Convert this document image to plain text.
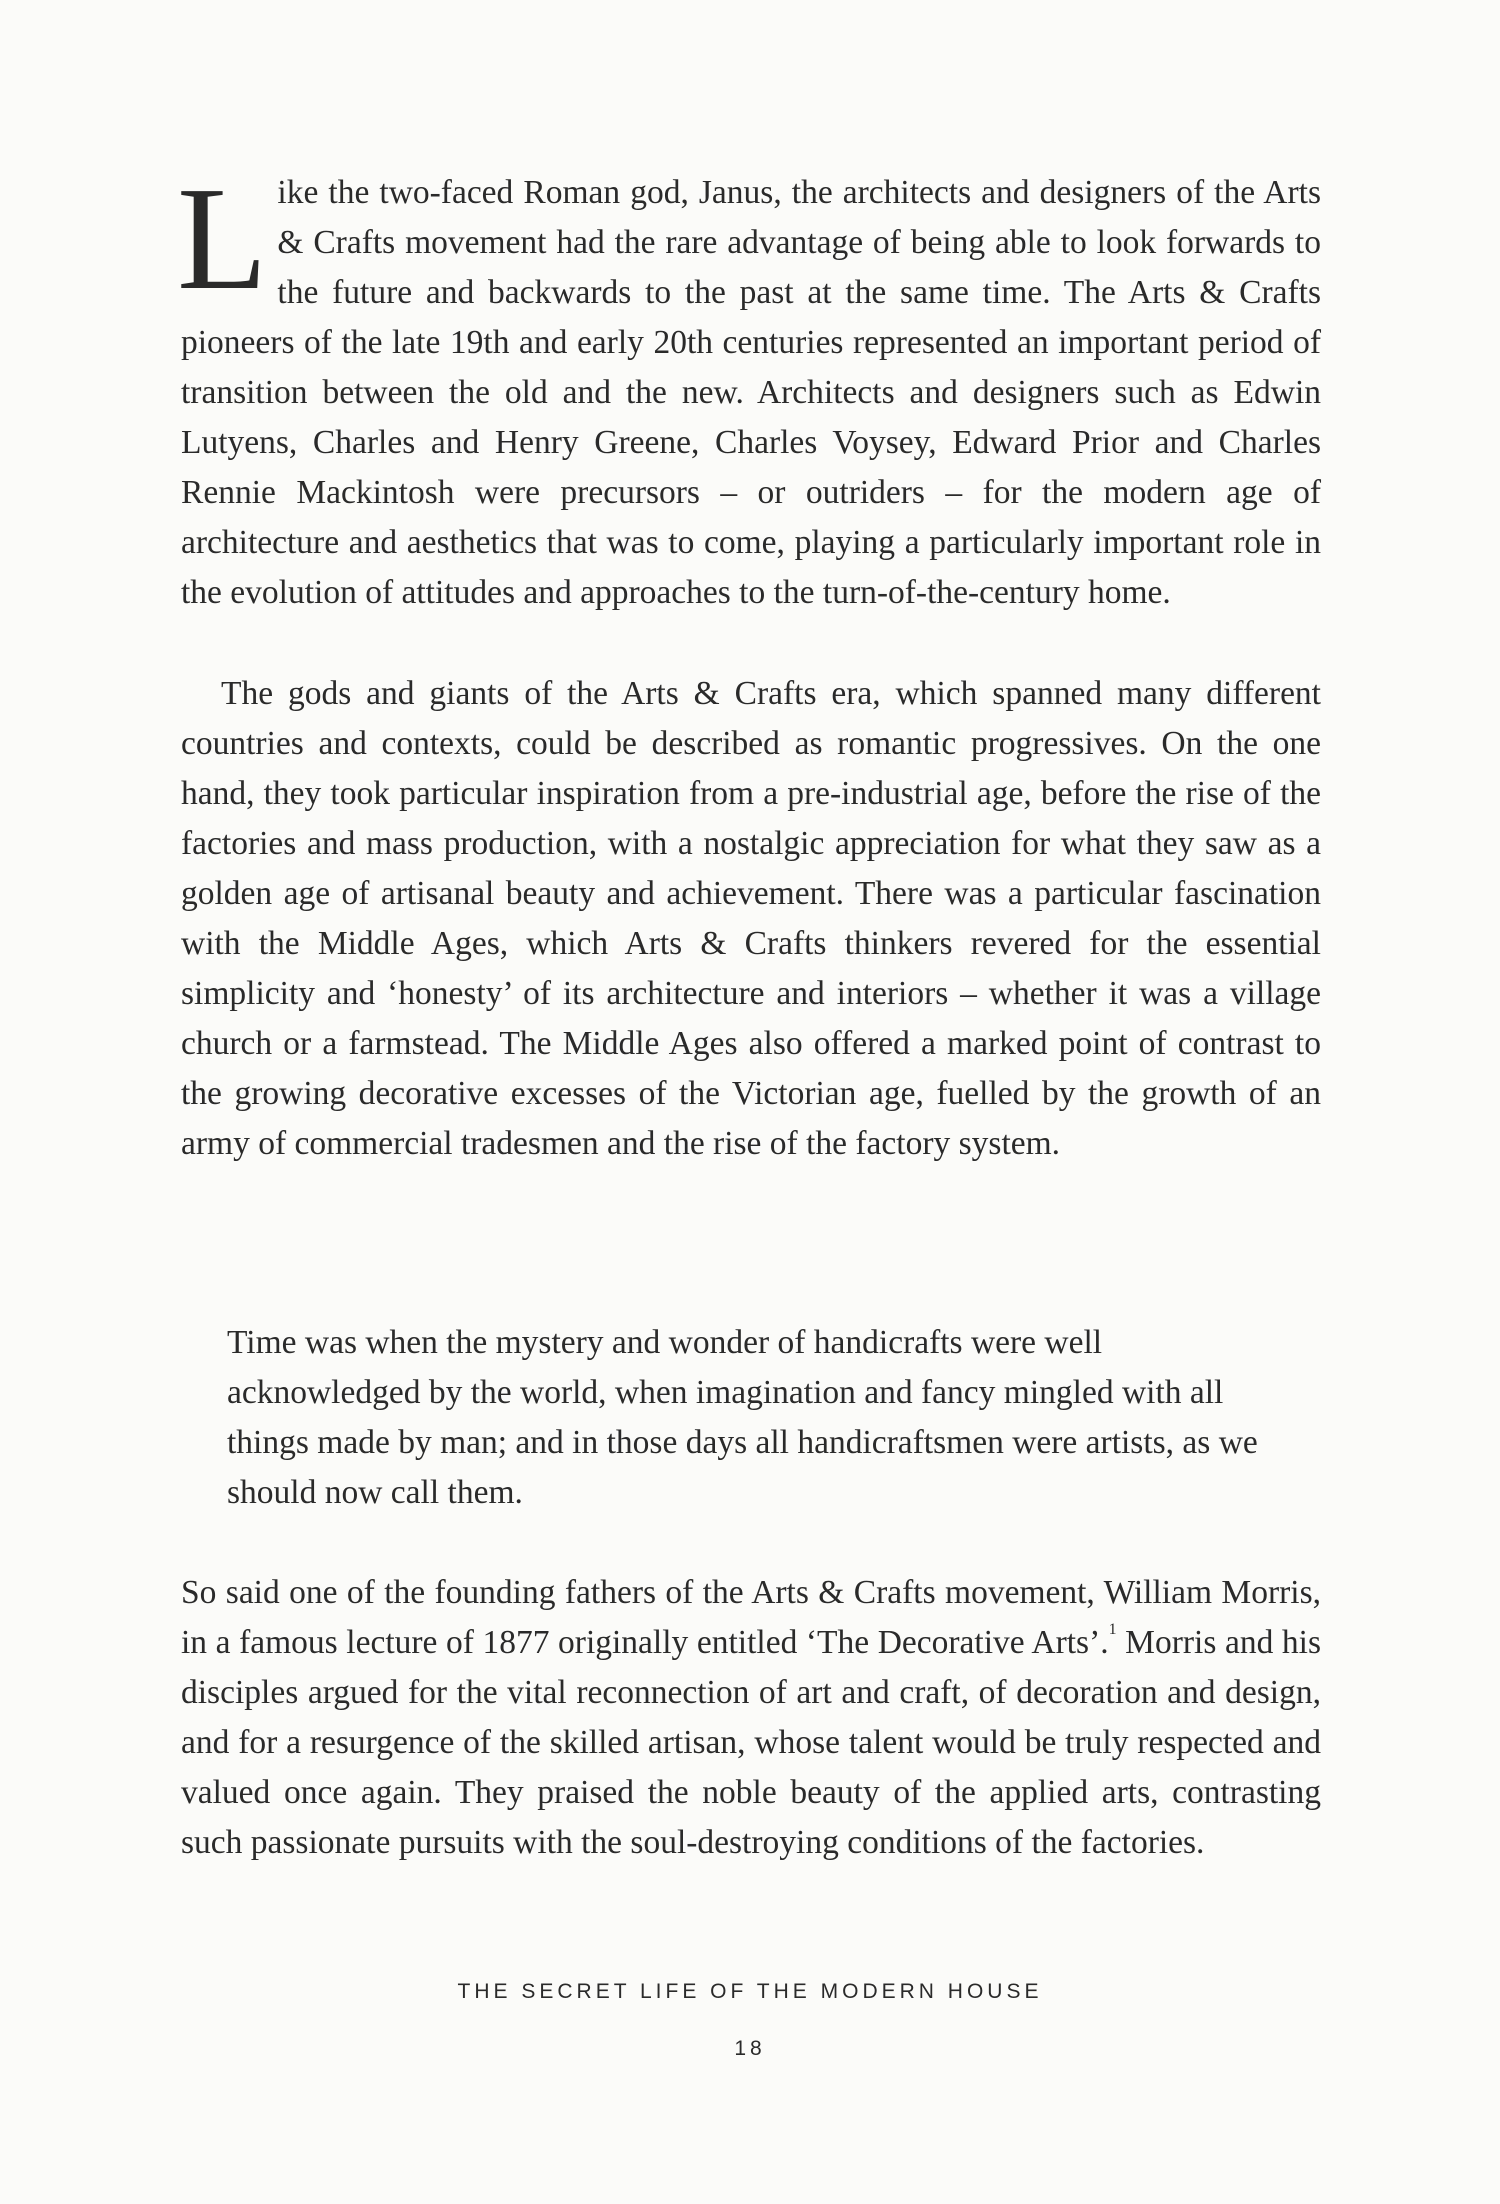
Like the two-faced Roman god, Janus, the architects and designers of the Arts & Crafts movement had the rare advantage of being able to look forwards to the future and backwards to the past at the same time. The Arts & Crafts pioneers of the late 19th and early 20th centuries represented an important period of transition between the old and the new. Architects and designers such as Edwin Lutyens, Charles and Henry Greene, Charles Voysey, Edward Prior and Charles Rennie Mackintosh were precursors – or outriders – for the modern age of architecture and aesthetics that was to come, playing a particularly important role in the evolution of attitudes and approaches to the turn-of-the-century home.

The gods and giants of the Arts & Crafts era, which spanned many different countries and contexts, could be described as romantic progressives. On the one hand, they took particular inspiration from a pre-industrial age, before the rise of the factories and mass production, with a nostalgic appreciation for what they saw as a golden age of artisanal beauty and achievement. There was a particular fascination with the Middle Ages, which Arts & Crafts thinkers revered for the essential simplicity and ‘honesty’ of its architecture and interiors – whether it was a village church or a farmstead. The Middle Ages also offered a marked point of contrast to the growing decorative excesses of the Victorian age, fuelled by the growth of an army of commercial tradesmen and the rise of the factory system.

Time was when the mystery and wonder of handicrafts were well acknowledged by the world, when imagination and fancy mingled with all things made by man; and in those days all handicraftsmen were artists, as we should now call them.

So said one of the founding fathers of the Arts & Crafts movement, William Morris, in a famous lecture of 1877 originally entitled ‘The Decorative Arts’.$^1$ Morris and his disciples argued for the vital reconnection of art and craft, of decoration and design, and for a resurgence of the skilled artisan, whose talent would be truly respected and valued once again. They praised the noble beauty of the applied arts, contrasting such passionate pursuits with the soul-destroying conditions of the factories.

THE SECRET LIFE OF THE MODERN HOUSE
18
